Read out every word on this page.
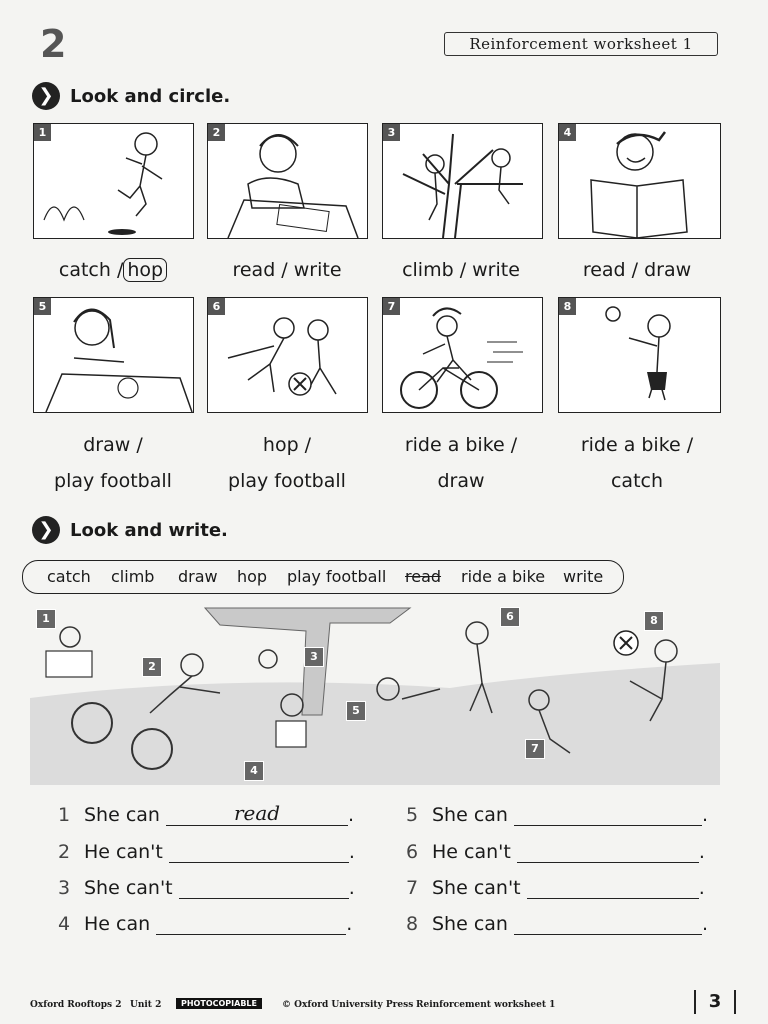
2	Reinforcement worksheet 1
❯ Look and circle.
1	2	3	4
catch / hop	read / write	climb / write	read / draw
5	6	7	8
draw /
play football
hop /
play football
ride a bike /
draw
ride a bike /
catch
❯ Look and write.
catch climb draw hop play football read ride a bike write
1
2
3
4
5
6
7
8
1 She can	read	.
2 He can't	.
3 She can't	.
4 He can	.
5 She can	.
6 He can't	.
7 She can't	.
8 She can	.
Oxford Rooftops 2 Unit 2	PHOTOCOPIABLE	© Oxford University Press Reinforcement worksheet 1	3
